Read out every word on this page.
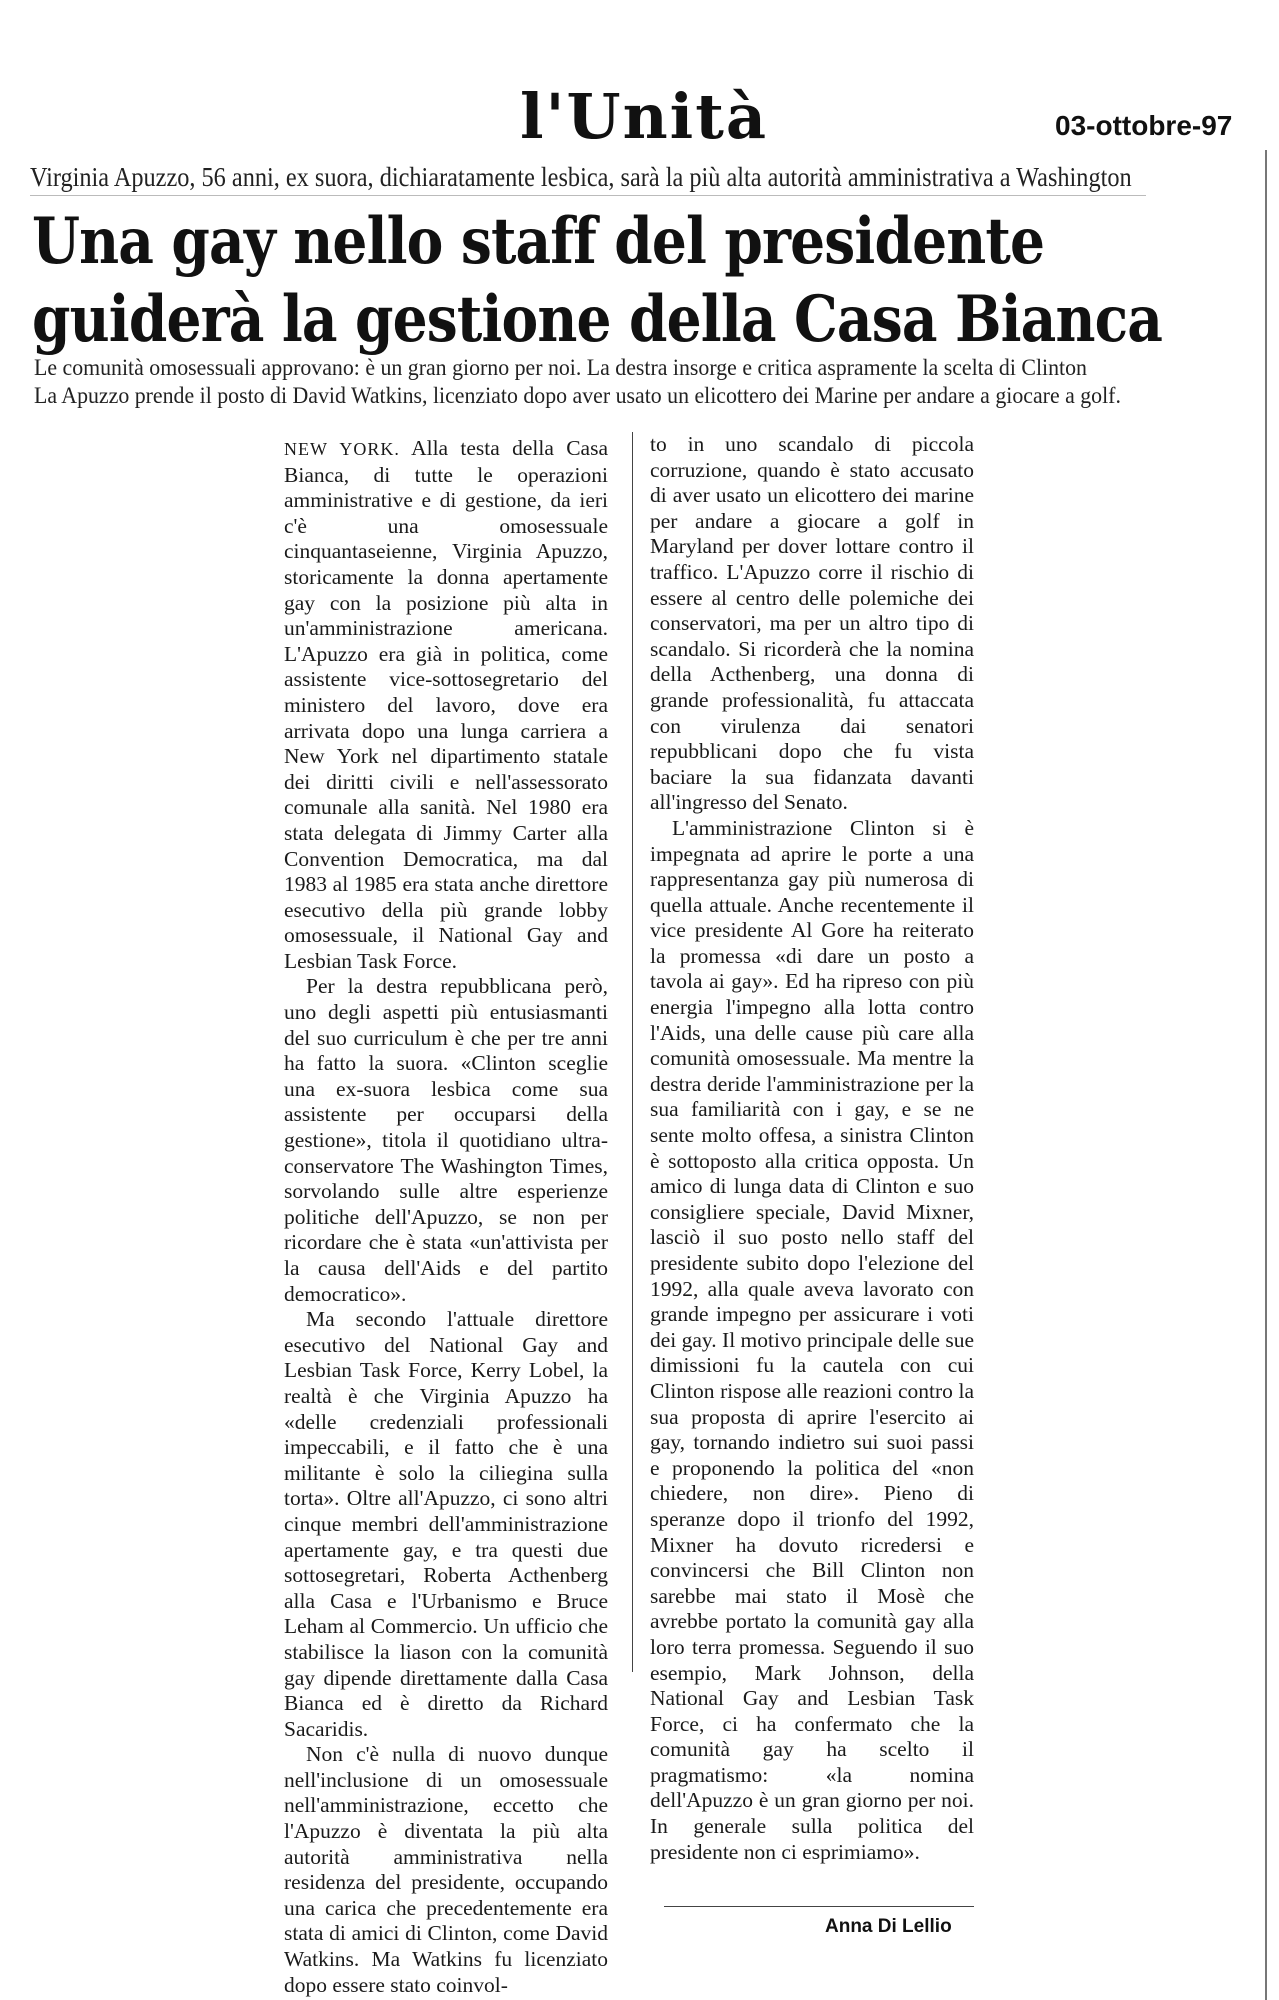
l'Unità	03-ottobre-97
Virginia Apuzzo, 56 anni, ex suora, dichiaratamente lesbica, sarà la più alta autorità amministrativa a Washington
Una gay nello staff del presidente
guiderà la gestione della Casa Bianca
Le comunità omosessuali approvano: è un gran giorno per noi. La destra insorge e critica aspramente la scelta di Clinton
La Apuzzo prende il posto di David Watkins, licenziato dopo aver usato un elicottero dei Marine per andare a giocare a golf.

NEW YORK. Alla testa della Casa Bianca, di tutte le operazioni amministrative e di gestione, da ieri c'è una omosessuale cinquantaseienne, Virginia Apuzzo, storicamente la donna apertamente gay con la posizione più alta in un'amministrazione americana. L'Apuzzo era già in politica, come assistente vice-sottosegretario del ministero del lavoro, dove era arrivata dopo una lunga carriera a New York nel dipartimento statale dei diritti civili e nell'assessorato comunale alla sanità. Nel 1980 era stata delegata di Jimmy Carter alla Convention Democratica, ma dal 1983 al 1985 era stata anche direttore esecutivo della più grande lobby omosessuale, il National Gay and Lesbian Task Force.

Per la destra repubblicana però, uno degli aspetti più entusiasmanti del suo curriculum è che per tre anni ha fatto la suora. «Clinton sceglie una ex-suora lesbica come sua assistente per occuparsi della gestione», titola il quotidiano ultra-conservatore The Washington Times, sorvolando sulle altre esperienze politiche dell'Apuzzo, se non per ricordare che è stata «un'attivista per la causa dell'Aids e del partito democratico».

Ma secondo l'attuale direttore esecutivo del National Gay and Lesbian Task Force, Kerry Lobel, la realtà è che Virginia Apuzzo ha «delle credenziali professionali impeccabili, e il fatto che è una militante è solo la ciliegina sulla torta». Oltre all'Apuzzo, ci sono altri cinque membri dell'amministrazione apertamente gay, e tra questi due sottosegretari, Roberta Acthenberg alla Casa e l'Urbanismo e Bruce Leham al Commercio. Un ufficio che stabilisce la liason con la comunità gay dipende direttamente dalla Casa Bianca ed è diretto da Richard Sacaridis.

Non c'è nulla di nuovo dunque nell'inclusione di un omosessuale nell'amministrazione, eccetto che l'Apuzzo è diventata la più alta autorità amministrativa nella residenza del presidente, occupando una carica che precedentemente era stata di amici di Clinton, come David Watkins. Ma Watkins fu licenziato dopo essere stato coinvol-

to in uno scandalo di piccola corruzione, quando è stato accusato di aver usato un elicottero dei marine per andare a giocare a golf in Maryland per dover lottare contro il traffico. L'Apuzzo corre il rischio di essere al centro delle polemiche dei conservatori, ma per un altro tipo di scandalo. Si ricorderà che la nomina della Acthenberg, una donna di grande professionalità, fu attaccata con virulenza dai senatori repubblicani dopo che fu vista baciare la sua fidanzata davanti all'ingresso del Senato.

L'amministrazione Clinton si è impegnata ad aprire le porte a una rappresentanza gay più numerosa di quella attuale. Anche recentemente il vice presidente Al Gore ha reiterato la promessa «di dare un posto a tavola ai gay». Ed ha ripreso con più energia l'impegno alla lotta contro l'Aids, una delle cause più care alla comunità omosessuale. Ma mentre la destra deride l'amministrazione per la sua familiarità con i gay, e se ne sente molto offesa, a sinistra Clinton è sottoposto alla critica opposta. Un amico di lunga data di Clinton e suo consigliere speciale, David Mixner, lasciò il suo posto nello staff del presidente subito dopo l'elezione del 1992, alla quale aveva lavorato con grande impegno per assicurare i voti dei gay. Il motivo principale delle sue dimissioni fu la cautela con cui Clinton rispose alle reazioni contro la sua proposta di aprire l'esercito ai gay, tornando indietro sui suoi passi e proponendo la politica del «non chiedere, non dire». Pieno di speranze dopo il trionfo del 1992, Mixner ha dovuto ricredersi e convincersi che Bill Clinton non sarebbe mai stato il Mosè che avrebbe portato la comunità gay alla loro terra promessa. Seguendo il suo esempio, Mark Johnson, della National Gay and Lesbian Task Force, ci ha confermato che la comunità gay ha scelto il pragmatismo: «la nomina dell'Apuzzo è un gran giorno per noi. In generale sulla politica del presidente non ci esprimiamo».

Anna Di Lellio
